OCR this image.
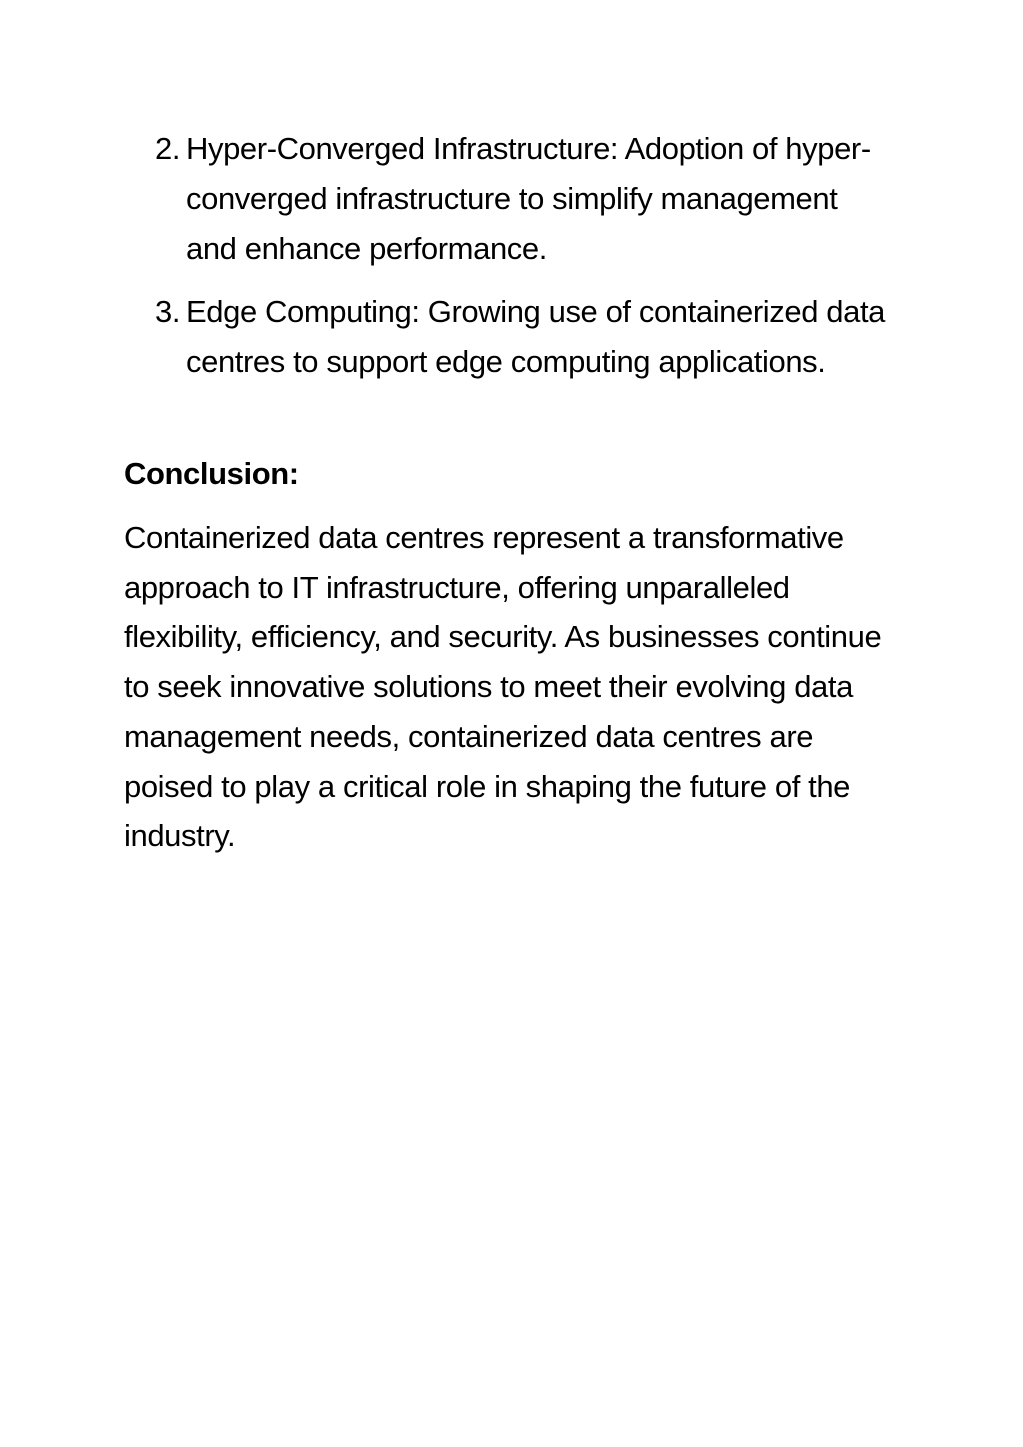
2. Hyper-Converged Infrastructure: Adoption of hyper-converged infrastructure to simplify management and enhance performance.
3. Edge Computing: Growing use of containerized data centres to support edge computing applications.
Conclusion:

Containerized data centres represent a transformative approach to IT infrastructure, offering unparalleled flexibility, efficiency, and security. As businesses continue to seek innovative solutions to meet their evolving data management needs, containerized data centres are poised to play a critical role in shaping the future of the industry.
